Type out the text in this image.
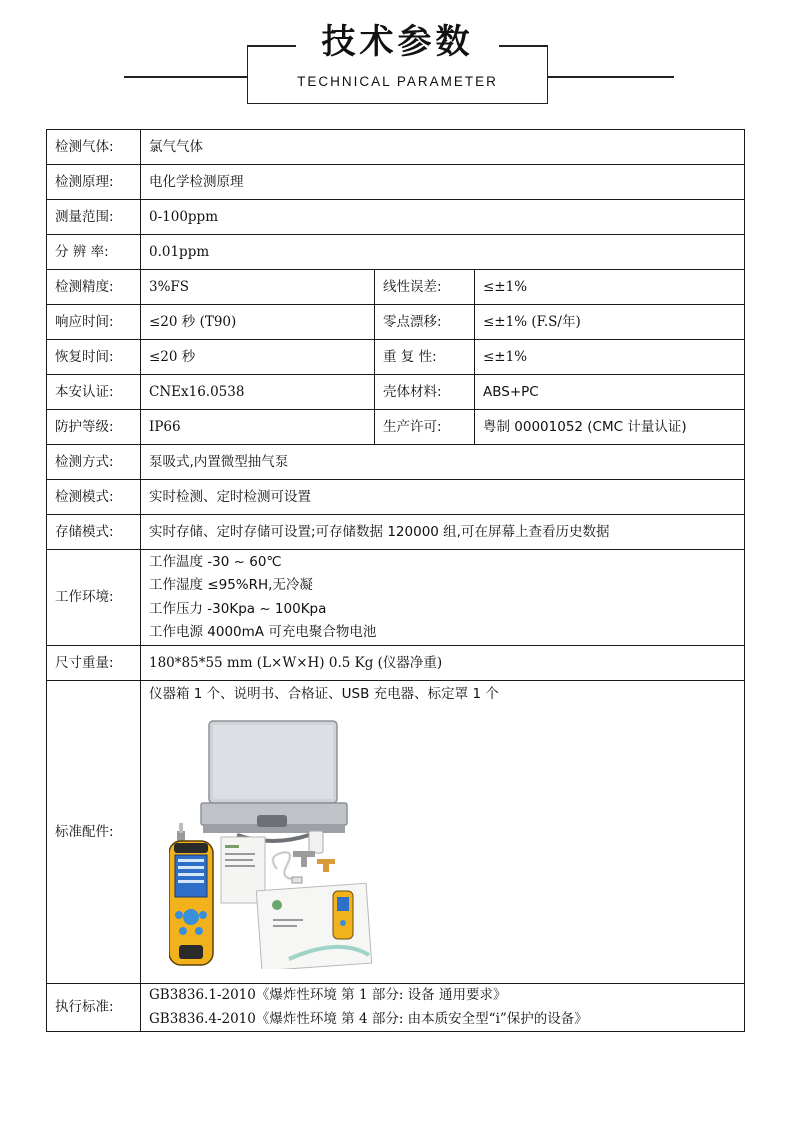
技术参数
TECHNICAL PARAMETER
检测气体:	氯气气体		
检测原理:	电化学检测原理		
测量范围:	0-100ppm		
分 辨 率:	0.01ppm		
检测精度:	3%FS	线性误差:	≤±1%
响应时间:	≤20 秒 (T90)	零点漂移:	≤±1% (F.S/年)
恢复时间:	≤20 秒	重 复 性:	≤±1%
本安认证:	CNEx16.0538	壳体材料:	ABS+PC
防护等级:	IP66	生产许可:	粤制 00001052 (CMC 计量认证)
检测方式:	泵吸式,内置微型抽气泵		
检测模式:	实时检测、定时检测可设置		
存储模式:	实时存储、定时存储可设置;可存储数据 120000 组,可在屏幕上查看历史数据		
工作环境:	工作温度 -30 ~ 60℃
工作湿度 ≤95%RH,无冷凝
工作压力 -30Kpa ~ 100Kpa
工作电源 4000mA 可充电聚合物电池		

尺寸重量:	180*85*55 mm (L×W×H) 0.5 Kg (仪器净重)		
标准配件:	仪器箱 1 个、说明书、合格证、USB 充电器、标定罩 1 个		

执行标准:	GB3836.1-2010《爆炸性环境 第 1 部分: 设备 通用要求》
GB3836.4-2010《爆炸性环境 第 4 部分: 由本质安全型“i”保护的设备》		
